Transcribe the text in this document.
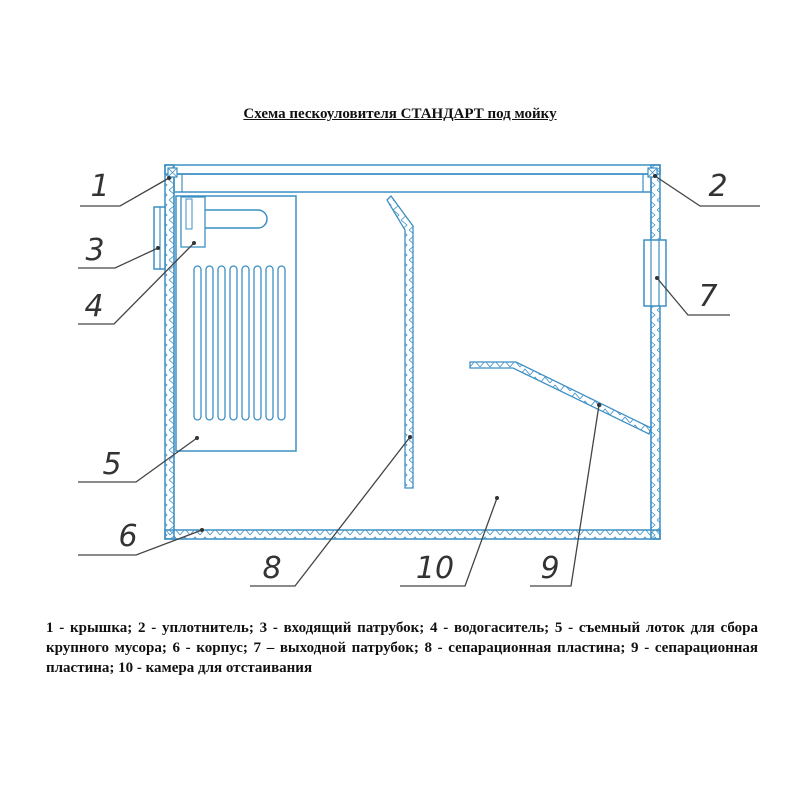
Схема пескоуловителя СТАНДАРТ под мойку
1	2
3
4
5
6
7
8	10	9

1 - крышка; 2 - уплотнитель; 3 - входящий патрубок; 4 - водогаситель; 5 - съемный лоток для сбора крупного мусора; 6 - корпус; 7 – выходной патрубок; 8 - сепарационная пластина; 9 - сепарационная пластина; 10 - камера для отстаивания
